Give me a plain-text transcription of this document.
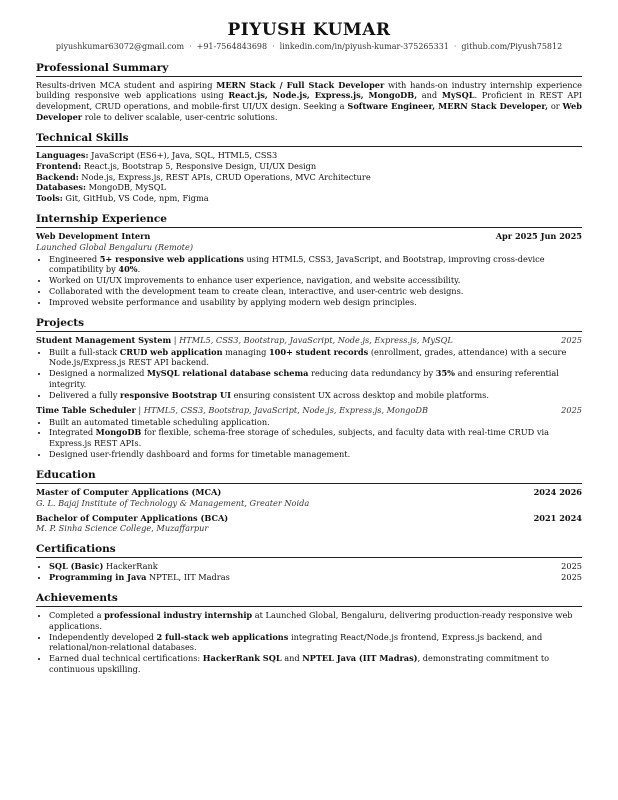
PIYUSH KUMAR
piyushkumar63072@gmail.com · +91-7564843698 · linkedin.com/in/piyush-kumar-375265331 · github.com/Piyush75812
Professional Summary

Results-driven MCA student and aspiring MERN Stack / Full Stack Developer with hands-on industry internship experience building responsive web applications using React.js, Node.js, Express.js, MongoDB, and MySQL. Proficient in REST API development, CRUD operations, and mobile-first UI/UX design. Seeking a Software Engineer, MERN Stack Developer, or Web Developer role to deliver scalable, user-centric solutions.

Technical Skills
Languages: JavaScript (ES6+), Java, SQL, HTML5, CSS3
Frontend: React.js, Bootstrap 5, Responsive Design, UI/UX Design
Backend: Node.js, Express.js, REST APIs, CRUD Operations, MVC Architecture
Databases: MongoDB, MySQL
Tools: Git, GitHub, VS Code, npm, Figma
Internship Experience
Web Development Intern	Apr 2025 Jun 2025
Launched Global Bengaluru (Remote)
• Engineered 5+ responsive web applications using HTML5, CSS3, JavaScript, and Bootstrap, improving cross-device compatibility by 40%.
• Worked on UI/UX improvements to enhance user experience, navigation, and website accessibility.
• Collaborated with the development team to create clean, interactive, and user-centric web designs.
• Improved website performance and usability by applying modern web design principles.
Projects
Student Management System | HTML5, CSS3, Bootstrap, JavaScript, Node.js, Express.js, MySQL	2025
• Built a full-stack CRUD web application managing 100+ student records (enrollment, grades, attendance) with a secure Node.js/Express.js REST API backend.
• Designed a normalized MySQL relational database schema reducing data redundancy by 35% and ensuring referential integrity.
• Delivered a fully responsive Bootstrap UI ensuring consistent UX across desktop and mobile platforms.
Time Table Scheduler | HTML5, CSS3, Bootstrap, JavaScript, Node.js, Express.js, MongoDB	2025
• Built an automated timetable scheduling application.
• Integrated MongoDB for flexible, schema-free storage of schedules, subjects, and faculty data with real-time CRUD via Express.js REST APIs.
• Designed user-friendly dashboard and forms for timetable management.
Education
Master of Computer Applications (MCA)	2024 2026
G. L. Bajaj Institute of Technology & Management, Greater Noida
Bachelor of Computer Applications (BCA)	2021 2024
M. P. Sinha Science College, Muzaffarpur
Certifications
• SQL (Basic) HackerRank	2025
• Programming in Java NPTEL, IIT Madras	2025
Achievements
• Completed a professional industry internship at Launched Global, Bengaluru, delivering production-ready responsive web applications.
• Independently developed 2 full-stack web applications integrating React/Node.js frontend, Express.js backend, and relational/non-relational databases.
• Earned dual technical certifications: HackerRank SQL and NPTEL Java (IIT Madras), demonstrating commitment to continuous upskilling.
